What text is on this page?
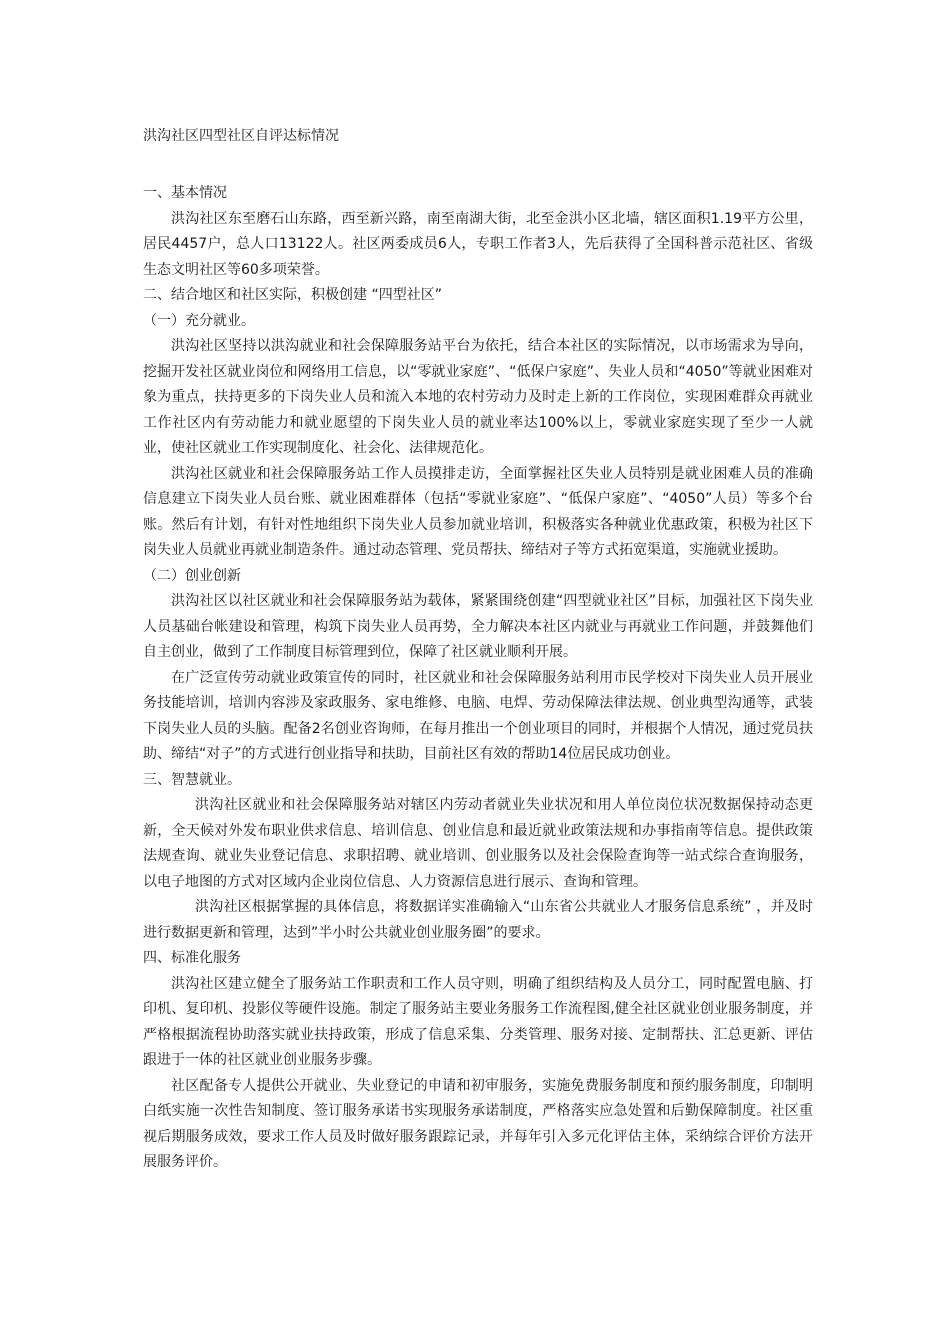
洪沟社区四型社区自评达标情况

一、基本情况

洪沟社区东至磨石山东路，西至新兴路，南至南湖大街，北至金洪小区北墙，辖区面积1.19平方公里，居民4457户，总人口13122人。社区两委成员6人，专职工作者3人，先后获得了全国科普示范社区、省级生态文明社区等60多项荣誉。

二、结合地区和社区实际，积极创建 “四型社区”

（一）充分就业。

洪沟社区坚持以洪沟就业和社会保障服务站平台为依托，结合本社区的实际情况，以市场需求为导向，挖掘开发社区就业岗位和网络用工信息，以“零就业家庭”、“低保户家庭”、失业人员和“4050”等就业困难对象为重点，扶持更多的下岗失业人员和流入本地的农村劳动力及时走上新的工作岗位，实现困难群众再就业工作社区内有劳动能力和就业愿望的下岗失业人员的就业率达100%以上，零就业家庭实现了至少一人就业，使社区就业工作实现制度化、社会化、法律规范化。

洪沟社区就业和社会保障服务站工作人员摸排走访，全面掌握社区失业人员特别是就业困难人员的准确信息建立下岗失业人员台账、就业困难群体（包括“零就业家庭”、“低保户家庭”、“4050”人员）等多个台账。然后有计划，有针对性地组织下岗失业人员参加就业培训，积极落实各种就业优惠政策，积极为社区下岗失业人员就业再就业制造条件。通过动态管理、党员帮扶、缔结对子等方式拓宽渠道，实施就业援助。

（二）创业创新

洪沟社区以社区就业和社会保障服务站为载体，紧紧围绕创建“四型就业社区”目标，加强社区下岗失业人员基础台帐建设和管理，构筑下岗失业人员再势，全力解决本社区内就业与再就业工作问题，并鼓舞他们自主创业，做到了工作制度目标管理到位，保障了社区就业顺利开展。

在广泛宣传劳动就业政策宣传的同时，社区就业和社会保障服务站利用市民学校对下岗失业人员开展业务技能培训，培训内容涉及家政服务、家电维修、电脑、电焊、劳动保障法律法规、创业典型沟通等，武装下岗失业人员的头脑。配备2名创业咨询师，在每月推出一个创业项目的同时，并根据个人情况，通过党员扶助、缔结“对子”的方式进行创业指导和扶助，目前社区有效的帮助14位居民成功创业。

三、智慧就业。

洪沟社区就业和社会保障服务站对辖区内劳动者就业失业状况和用人单位岗位状况数据保持动态更新，全天候对外发布职业供求信息、培训信息、创业信息和最近就业政策法规和办事指南等信息。提供政策法规查询、就业失业登记信息、求职招聘、就业培训、创业服务以及社会保险查询等一站式综合查询服务，以电子地图的方式对区域内企业岗位信息、人力资源信息进行展示、查询和管理。

洪沟社区根据掌握的具体信息，将数据详实准确输入“山东省公共就业人才服务信息系统” ，并及时进行数据更新和管理，达到”半小时公共就业创业服务圈”的要求。

四、标准化服务

洪沟社区建立健全了服务站工作职责和工作人员守则，明确了组织结构及人员分工，同时配置电脑、打印机、复印机、投影仪等硬件设施。制定了服务站主要业务服务工作流程图,健全社区就业创业服务制度，并严格根据流程协助落实就业扶持政策，形成了信息采集、分类管理、服务对接、定制帮扶、汇总更新、评估跟进于一体的社区就业创业服务步骤。

社区配备专人提供公开就业、失业登记的申请和初审服务，实施免费服务制度和预约服务制度，印制明白纸实施一次性告知制度、签订服务承诺书实现服务承诺制度，严格落实应急处置和后勤保障制度。社区重视后期服务成效，要求工作人员及时做好服务跟踪记录，并每年引入多元化评估主体，采纳综合评价方法开展服务评价。
